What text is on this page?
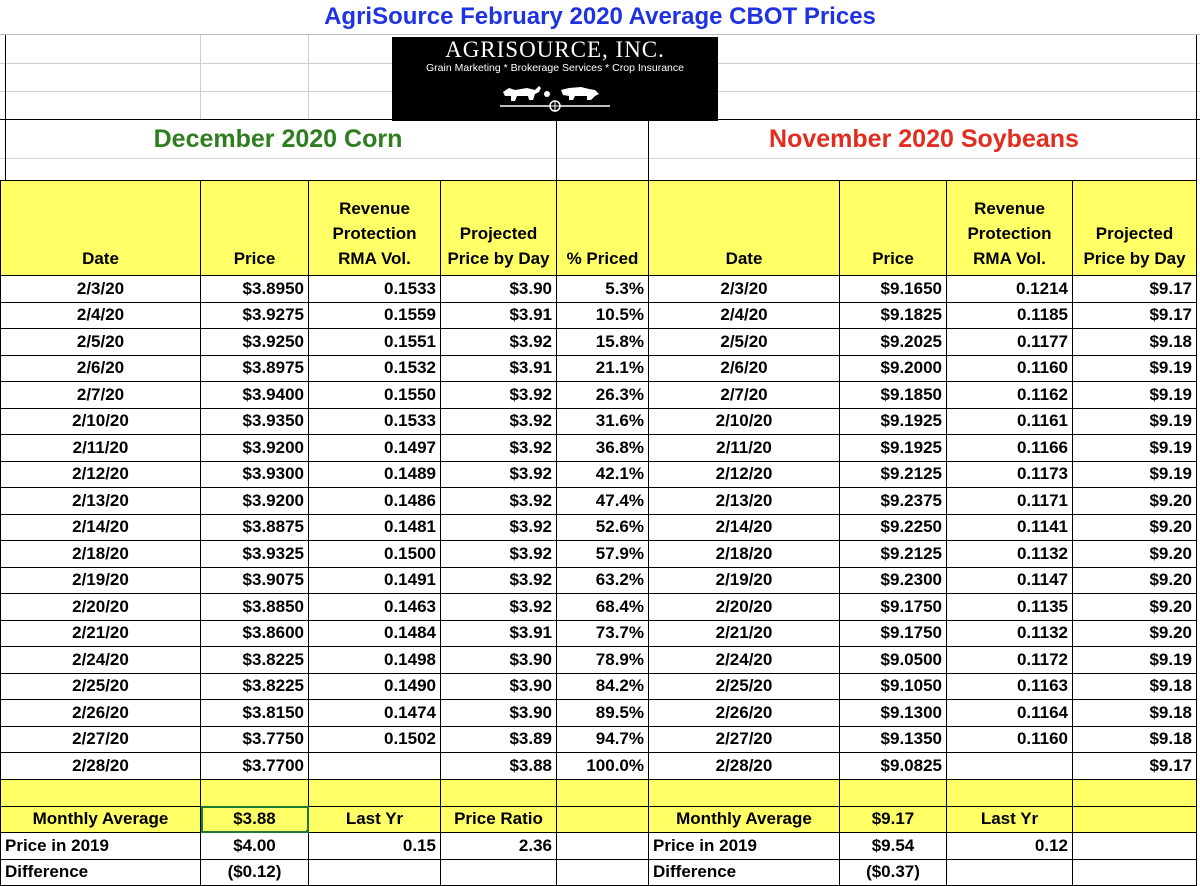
AgriSource February 2020 Average CBOT Prices
AGRISOURCE, INC.
Grain Marketing * Brokerage Services * Crop Insurance
December 2020 Corn	November 2020 Soybeans
Date	Price	Revenue Protection RMA Vol.	Projected Price by Day	% Priced	Date	Price	Revenue Protection RMA Vol.	Projected Price by Day
2/3/20	$3.8950	0.1533	$3.90	5.3%	2/3/20	$9.1650	0.1214	$9.17
2/4/20	$3.9275	0.1559	$3.91	10.5%	2/4/20	$9.1825	0.1185	$9.17
2/5/20	$3.9250	0.1551	$3.92	15.8%	2/5/20	$9.2025	0.1177	$9.18
2/6/20	$3.8975	0.1532	$3.91	21.1%	2/6/20	$9.2000	0.1160	$9.19
2/7/20	$3.9400	0.1550	$3.92	26.3%	2/7/20	$9.1850	0.1162	$9.19
2/10/20	$3.9350	0.1533	$3.92	31.6%	2/10/20	$9.1925	0.1161	$9.19
2/11/20	$3.9200	0.1497	$3.92	36.8%	2/11/20	$9.1925	0.1166	$9.19
2/12/20	$3.9300	0.1489	$3.92	42.1%	2/12/20	$9.2125	0.1173	$9.19
2/13/20	$3.9200	0.1486	$3.92	47.4%	2/13/20	$9.2375	0.1171	$9.20
2/14/20	$3.8875	0.1481	$3.92	52.6%	2/14/20	$9.2250	0.1141	$9.20
2/18/20	$3.9325	0.1500	$3.92	57.9%	2/18/20	$9.2125	0.1132	$9.20
2/19/20	$3.9075	0.1491	$3.92	63.2%	2/19/20	$9.2300	0.1147	$9.20
2/20/20	$3.8850	0.1463	$3.92	68.4%	2/20/20	$9.1750	0.1135	$9.20
2/21/20	$3.8600	0.1484	$3.91	73.7%	2/21/20	$9.1750	0.1132	$9.20
2/24/20	$3.8225	0.1498	$3.90	78.9%	2/24/20	$9.0500	0.1172	$9.19
2/25/20	$3.8225	0.1490	$3.90	84.2%	2/25/20	$9.1050	0.1163	$9.18
2/26/20	$3.8150	0.1474	$3.90	89.5%	2/26/20	$9.1300	0.1164	$9.18
2/27/20	$3.7750	0.1502	$3.89	94.7%	2/27/20	$9.1350	0.1160	$9.18
2/28/20	$3.7700		$3.88	100.0%	2/28/20	$9.0825		$9.17

Monthly Average	$3.88	Last Yr	Price Ratio		Monthly Average	$9.17	Last Yr	
Price in 2019	$4.00	0.15	2.36		Price in 2019	$9.54	0.12	
Difference	($0.12)				Difference	($0.37)		
